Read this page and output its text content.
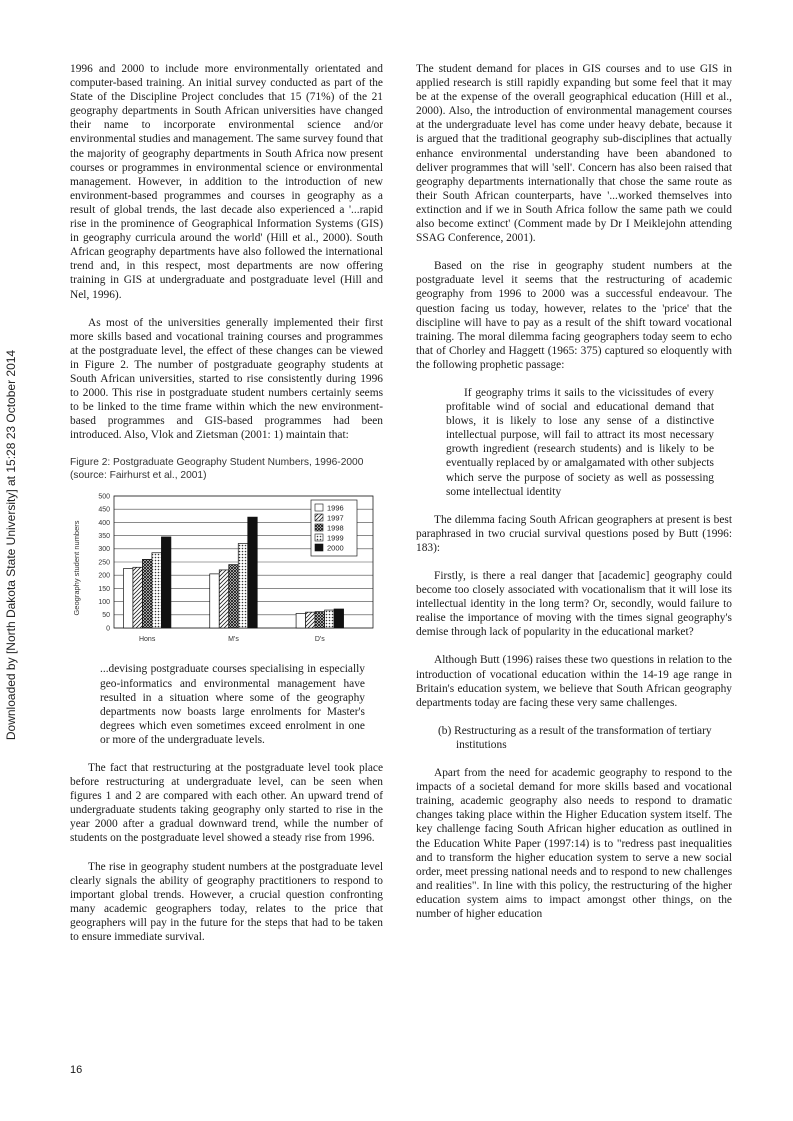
Downloaded by [North Dakota State University] at 15:28 23 October 2014

1996 and 2000 to include more environmentally orientated and computer-based training. An initial survey conducted as part of the State of the Discipline Project concludes that 15 (71%) of the 21 geography departments in South African universities have changed their name to incorporate environmental science and/or environmental studies and management. The same survey found that the majority of geography departments in South Africa now present courses or programmes in environmental science or environmental management. However, in addition to the introduction of new environment-based programmes and courses in geography as a result of global trends, the last decade also experienced a '...rapid rise in the prominence of Geographical Information Systems (GIS) in geography curricula around the world' (Hill et al., 2000). South African geography departments have also followed the international trend and, in this respect, most departments are now offering training in GIS at undergraduate and postgraduate level (Hill and Nel, 1996).

As most of the universities generally implemented their first more skills based and vocational training courses and programmes at the postgraduate level, the effect of these changes can be viewed in Figure 2. The number of postgraduate geography students at South African universities, started to rise consistently during 1996 to 2000. This rise in postgraduate student numbers certainly seems to be linked to the time frame within which the new environment-based programmes and GIS-based programmes had been introduced. Also, Vlok and Zietsman (2001: 1) maintain that:

Figure 2: Postgraduate Geography Student Numbers, 1996-2000 (source: Fairhurst et al., 2001)

Geography student numbers
0
50
100
150
200
250
300
350
400
450
500
Hons	M's	D's
1996
1997
1998
1999
2000

...devising postgraduate courses specialising in especially geo-informatics and environmental management have resulted in a situation where some of the geography departments now boasts large enrolments for Master's degrees which even sometimes exceed enrolment in one or more of the undergraduate levels.

The fact that restructuring at the postgraduate level took place before restructuring at undergraduate level, can be seen when figures 1 and 2 are compared with each other. An upward trend of undergraduate students taking geography only started to rise in the year 2000 after a gradual downward trend, while the number of students on the postgraduate level showed a steady rise from 1996.

The rise in geography student numbers at the postgraduate level clearly signals the ability of geography practitioners to respond to important global trends. However, a crucial question confronting many academic geographers today, relates to the price that geographers will pay in the future for the steps that had to be taken to ensure immediate survival.

The student demand for places in GIS courses and to use GIS in applied research is still rapidly expanding but some feel that it may be at the expense of the overall geographical education (Hill et al., 2000). Also, the introduction of environmental management courses at the undergraduate level has come under heavy debate, because it is argued that the traditional geography sub-disciplines that actually enhance environmental understanding have been abandoned to deliver programmes that will 'sell'. Concern has also been raised that geography departments internationally that chose the same route as their South African counterparts, have '...worked themselves into extinction and if we in South Africa follow the same path we could also become extinct' (Comment made by Dr I Meiklejohn attending SSAG Conference, 2001).

Based on the rise in geography student numbers at the postgraduate level it seems that the restructuring of academic geography from 1996 to 2000 was a successful endeavour. The question facing us today, however, relates to the 'price' that the discipline will have to pay as a result of the shift toward vocational training. The moral dilemma facing geographers today seem to echo that of Chorley and Haggett (1965: 375) captured so eloquently with the following prophetic passage:

If geography trims it sails to the vicissitudes of every profitable wind of social and educational demand that blows, it is likely to lose any sense of a distinctive intellectual purpose, will fail to attract its most necessary growth ingredient (research students) and is likely to be eventually replaced by or amalgamated with other subjects which serve the purpose of society as well as possessing some intellectual identity

The dilemma facing South African geographers at present is best paraphrased in two crucial survival questions posed by Butt (1996: 183):

Firstly, is there a real danger that [academic] geography could become too closely associated with vocationalism that it will lose its intellectual identity in the long term? Or, secondly, would failure to realise the importance of moving with the times signal geography's demise through lack of popularity in the educational market?

Although Butt (1996) raises these two questions in relation to the introduction of vocational education within the 14-19 age range in Britain's education system, we believe that South African geography departments today are facing these very same challenges.

(b) Restructuring as a result of the transformation of tertiary institutions

Apart from the need for academic geography to respond to the impacts of a societal demand for more skills based and vocational training, academic geography also needs to respond to dramatic changes taking place within the Higher Education system itself. The key challenge facing South African higher education as outlined in the Education White Paper (1997:14) is to "redress past inequalities and to transform the higher education system to serve a new social order, meet pressing national needs and to respond to new challenges and realities". In line with this policy, the restructuring of the higher education system aims to impact amongst other things, on the number of higher education

16
